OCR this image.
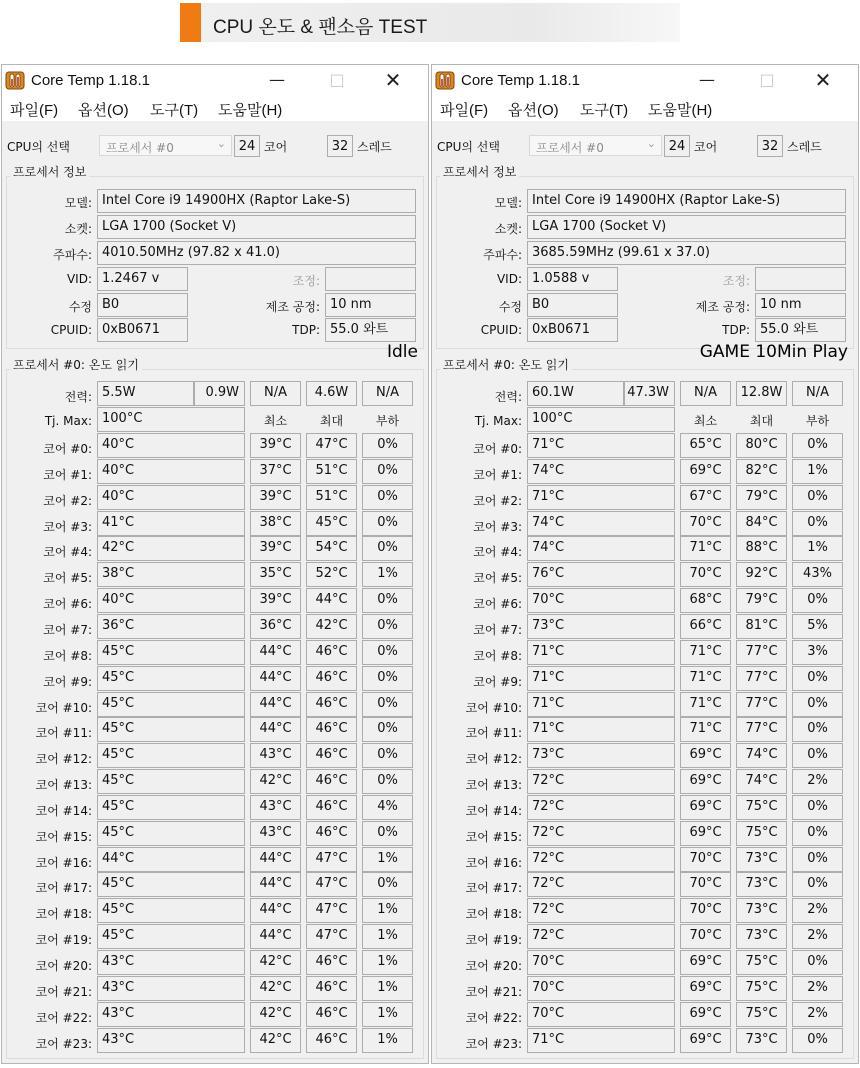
CPU 온도 & 팬소음 TEST
Core Temp 1.18.1	—	□	✕
파일(F) 옵션(O) 도구(T) 도움말(H)
CPU의 선택	프로세서 #0	⌄ 24 코어	32 스레드
프로세서 정보
모델: Intel Core i9 14900HX (Raptor Lake-S)
소켓: LGA 1700 (Socket V)
주파수: 4010.50MHz (97.82 x 41.0)
VID: 1.2467 v	조정:
수정 B0	제조 공정: 10 nm
CPUID: 0xB0671	TDP: 55.0 와트
프로세서 #0: 온도 읽기
Idle
전력: 5.5W	0.9W	N/A	4.6W	N/A
Tj. Max: 100°C	최소	최대	부하
코어 #0: 40°C	39°C	47°C	0%
코어 #1: 40°C	37°C	51°C	0%
코어 #2: 40°C	39°C	51°C	0%
코어 #3: 41°C	38°C	45°C	0%
코어 #4: 42°C	39°C	54°C	0%
코어 #5: 38°C	35°C	52°C	1%
코어 #6: 40°C	39°C	44°C	0%
코어 #7: 36°C	36°C	42°C	0%
코어 #8: 45°C	44°C	46°C	0%
코어 #9: 45°C	44°C	46°C	0%
코어 #10: 45°C	44°C	46°C	0%
코어 #11: 45°C	44°C	46°C	0%
코어 #12: 45°C	43°C	46°C	0%
코어 #13: 45°C	42°C	46°C	0%
코어 #14: 45°C	43°C	46°C	4%
코어 #15: 45°C	43°C	46°C	0%
코어 #16: 44°C	44°C	47°C	1%
코어 #17: 45°C	44°C	47°C	0%
코어 #18: 45°C	44°C	47°C	1%
코어 #19: 45°C	44°C	47°C	1%
코어 #20: 43°C	42°C	46°C	1%
코어 #21: 43°C	42°C	46°C	1%
코어 #22: 43°C	42°C	46°C	1%
코어 #23: 43°C	42°C	46°C	1%
Core Temp 1.18.1	—	□	✕
파일(F) 옵션(O) 도구(T) 도움말(H)
CPU의 선택	프로세서 #0	⌄ 24 코어	32 스레드
프로세서 정보
모델: Intel Core i9 14900HX (Raptor Lake-S)
소켓: LGA 1700 (Socket V)
주파수: 3685.59MHz (99.61 x 37.0)
VID: 1.0588 v	조정:
수정 B0	제조 공정: 10 nm
CPUID: 0xB0671	TDP: 55.0 와트
프로세서 #0: 온도 읽기
GAME 10Min Play
전력: 60.1W	47.3W	N/A	12.8W	N/A
Tj. Max: 100°C	최소	최대	부하
코어 #0: 71°C	65°C	80°C	0%
코어 #1: 74°C	69°C	82°C	1%
코어 #2: 71°C	67°C	79°C	0%
코어 #3: 74°C	70°C	84°C	0%
코어 #4: 74°C	71°C	88°C	1%
코어 #5: 76°C	70°C	92°C	43%
코어 #6: 70°C	68°C	79°C	0%
코어 #7: 73°C	66°C	81°C	5%
코어 #8: 71°C	71°C	77°C	3%
코어 #9: 71°C	71°C	77°C	0%
코어 #10: 71°C	71°C	77°C	0%
코어 #11: 71°C	71°C	77°C	0%
코어 #12: 73°C	69°C	74°C	0%
코어 #13: 72°C	69°C	74°C	2%
코어 #14: 72°C	69°C	75°C	0%
코어 #15: 72°C	69°C	75°C	0%
코어 #16: 72°C	70°C	73°C	0%
코어 #17: 72°C	70°C	73°C	0%
코어 #18: 72°C	70°C	73°C	2%
코어 #19: 72°C	70°C	73°C	2%
코어 #20: 70°C	69°C	75°C	0%
코어 #21: 70°C	69°C	75°C	2%
코어 #22: 70°C	69°C	75°C	2%
코어 #23: 71°C	69°C	73°C	0%
